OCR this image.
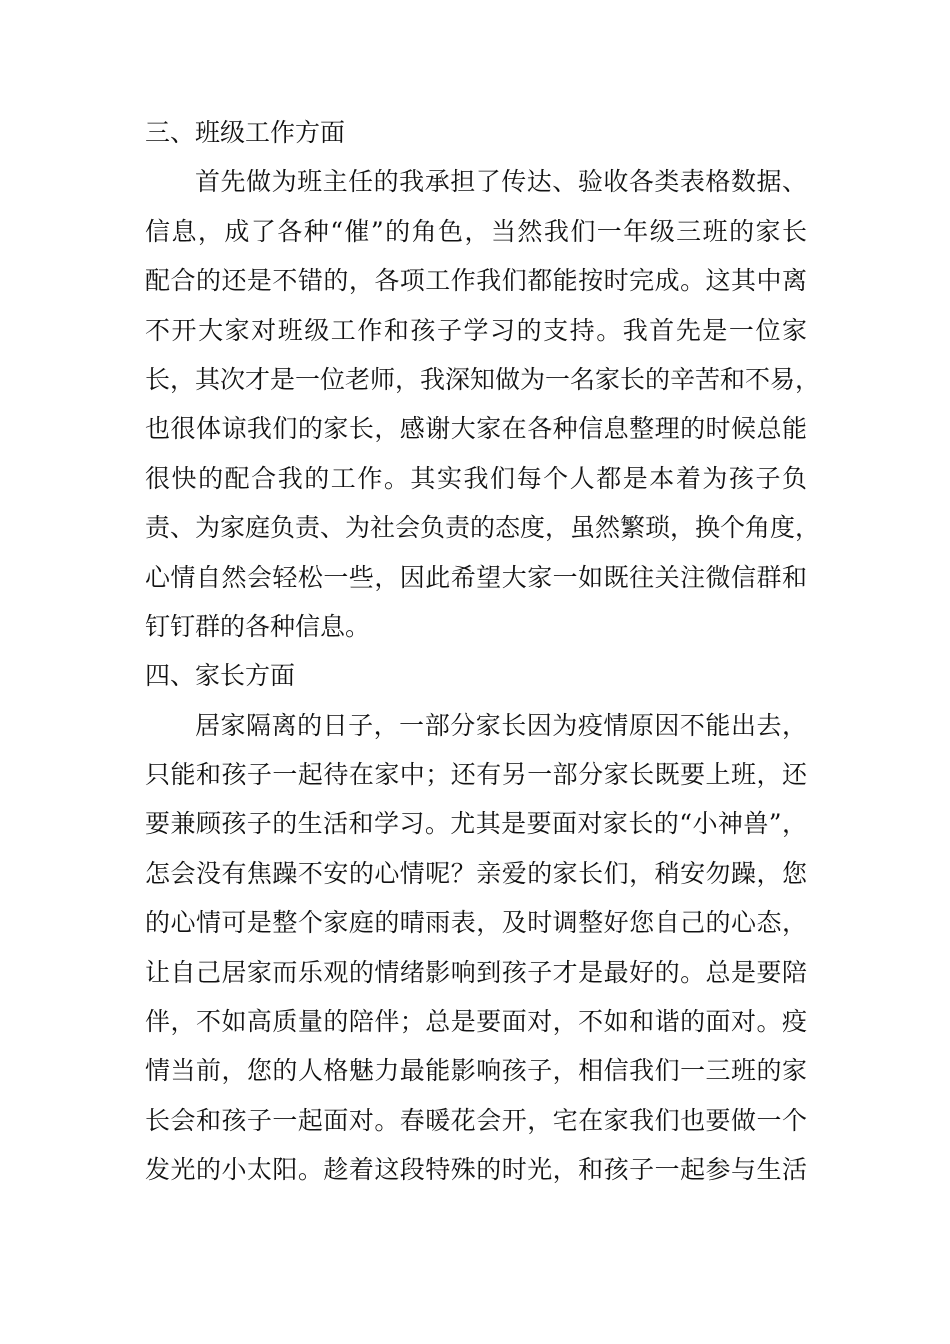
三、班级工作方面
首先做为班主任的我承担了传达、验收各类表格数据、
信息，成了各种“催”的角色，当然我们一年级三班的家长
配合的还是不错的，各项工作我们都能按时完成。这其中离
不开大家对班级工作和孩子学习的支持。我首先是一位家
长，其次才是一位老师，我深知做为一名家长的辛苦和不易，
也很体谅我们的家长，感谢大家在各种信息整理的时候总能
很快的配合我的工作。其实我们每个人都是本着为孩子负
责、为家庭负责、为社会负责的态度，虽然繁琐，换个角度，
心情自然会轻松一些，因此希望大家一如既往关注微信群和
钉钉群的各种信息。
四、家长方面
居家隔离的日子，一部分家长因为疫情原因不能出去，
只能和孩子一起待在家中；还有另一部分家长既要上班，还
要兼顾孩子的生活和学习。尤其是要面对家长的“小神兽”，
怎会没有焦躁不安的心情呢？亲爱的家长们，稍安勿躁，您
的心情可是整个家庭的晴雨表，及时调整好您自己的心态，
让自己居家而乐观的情绪影响到孩子才是最好的。总是要陪
伴，不如高质量的陪伴；总是要面对，不如和谐的面对。疫
情当前，您的人格魅力最能影响孩子，相信我们一三班的家
长会和孩子一起面对。春暖花会开，宅在家我们也要做一个
发光的小太阳。趁着这段特殊的时光，和孩子一起参与生活
